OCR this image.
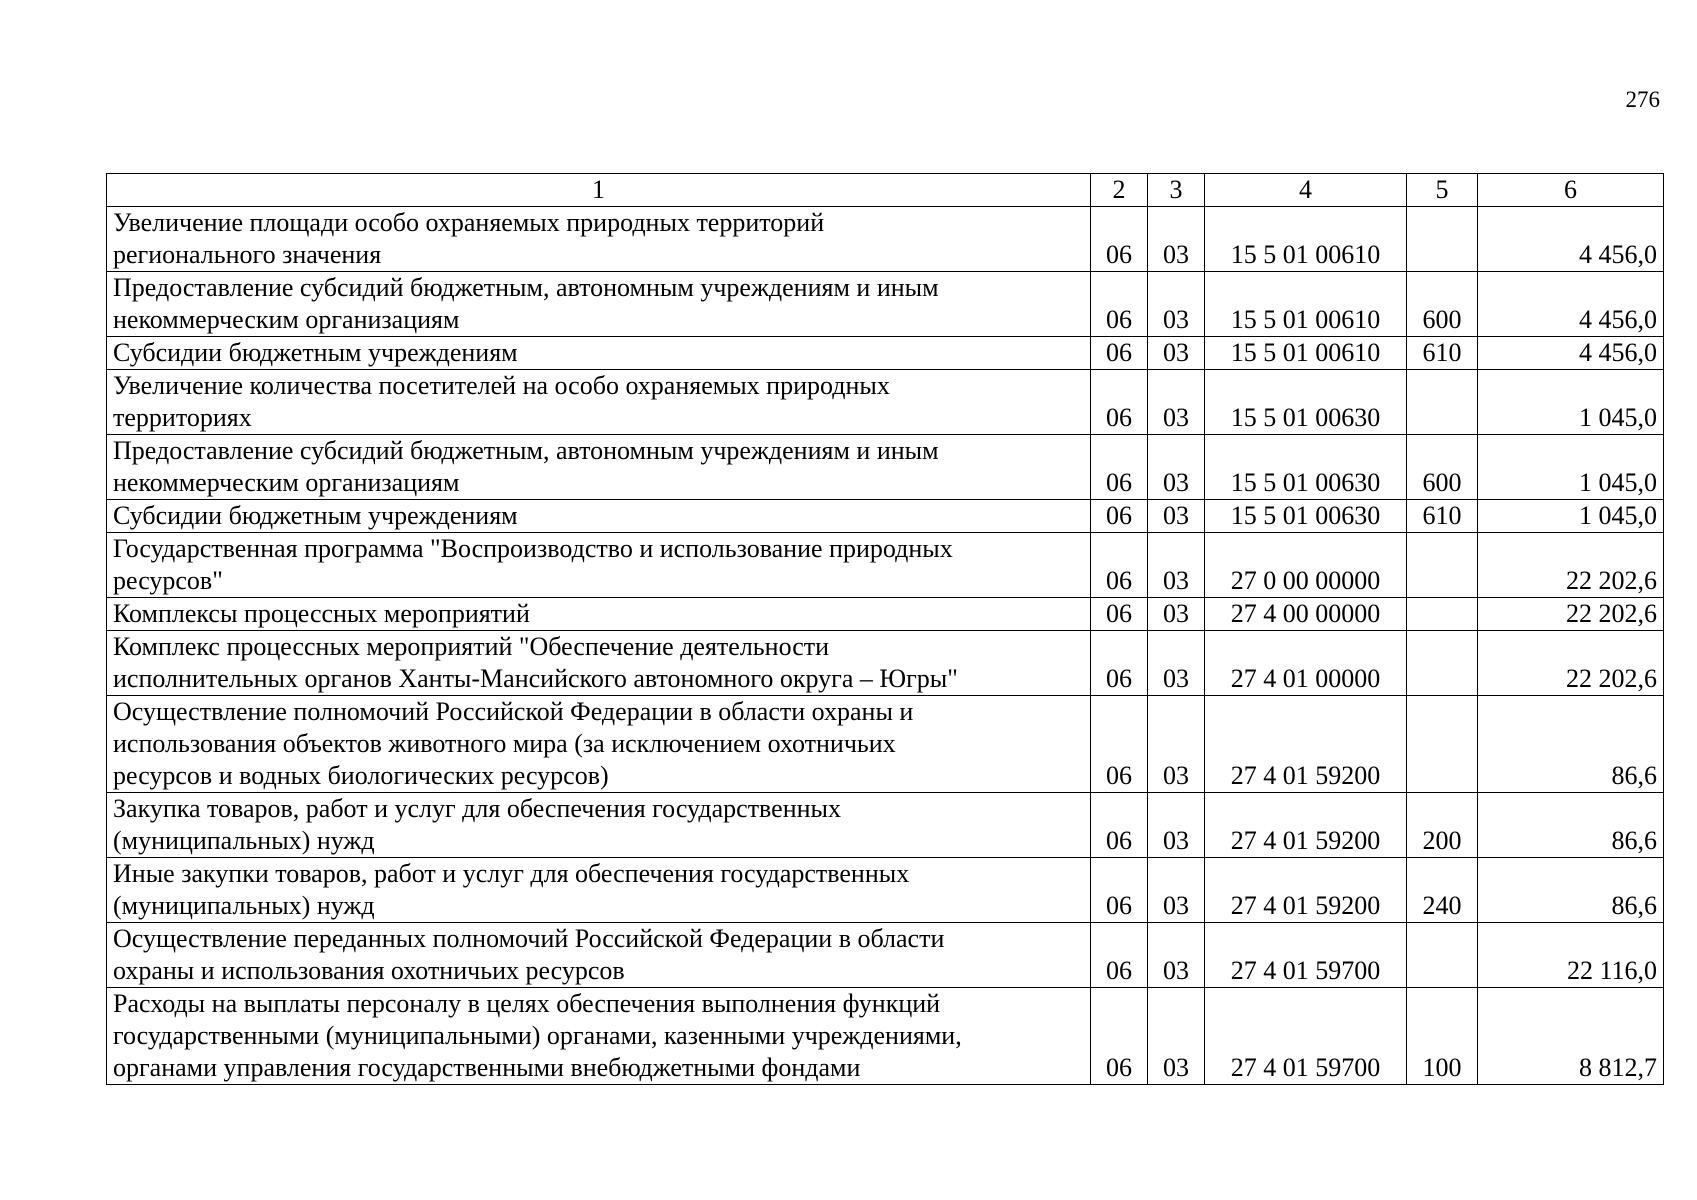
276
1	2	3	4	5	6

Увеличение площади особо охраняемых природных территорий
регионального значения	06	03	15 5 01 00610		4 456,0

Предоставление субсидий бюджетным, автономным учреждениям и иным
некоммерческим организациям	06	03	15 5 01 00610	600	4 456,0

Субсидии бюджетным учреждениям	06	03	15 5 01 00610	610	4 456,0

Увеличение количества посетителей на особо охраняемых природных
территориях	06	03	15 5 01 00630		1 045,0

Предоставление субсидий бюджетным, автономным учреждениям и иным
некоммерческим организациям	06	03	15 5 01 00630	600	1 045,0

Субсидии бюджетным учреждениям	06	03	15 5 01 00630	610	1 045,0

Государственная программа "Воспроизводство и использование природных
ресурсов"	06	03	27 0 00 00000		22 202,6

Комплексы процессных мероприятий	06	03	27 4 00 00000		22 202,6

Комплекс процессных мероприятий "Обеспечение деятельности
исполнительных органов Ханты-Мансийского автономного округа – Югры"	06	03	27 4 01 00000		22 202,6

Осуществление полномочий Российской Федерации в области охраны и
использования объектов животного мира (за исключением охотничьих
ресурсов и водных биологических ресурсов)	06	03	27 4 01 59200		86,6

Закупка товаров, работ и услуг для обеспечения государственных
(муниципальных) нужд	06	03	27 4 01 59200	200	86,6

Иные закупки товаров, работ и услуг для обеспечения государственных
(муниципальных) нужд	06	03	27 4 01 59200	240	86,6

Осуществление переданных полномочий Российской Федерации в области
охраны и использования охотничьих ресурсов	06	03	27 4 01 59700		22 116,0

Расходы на выплаты персоналу в целях обеспечения выполнения функций
государственными (муниципальными) органами, казенными учреждениями,
органами управления государственными внебюджетными фондами	06	03	27 4 01 59700	100	8 812,7
